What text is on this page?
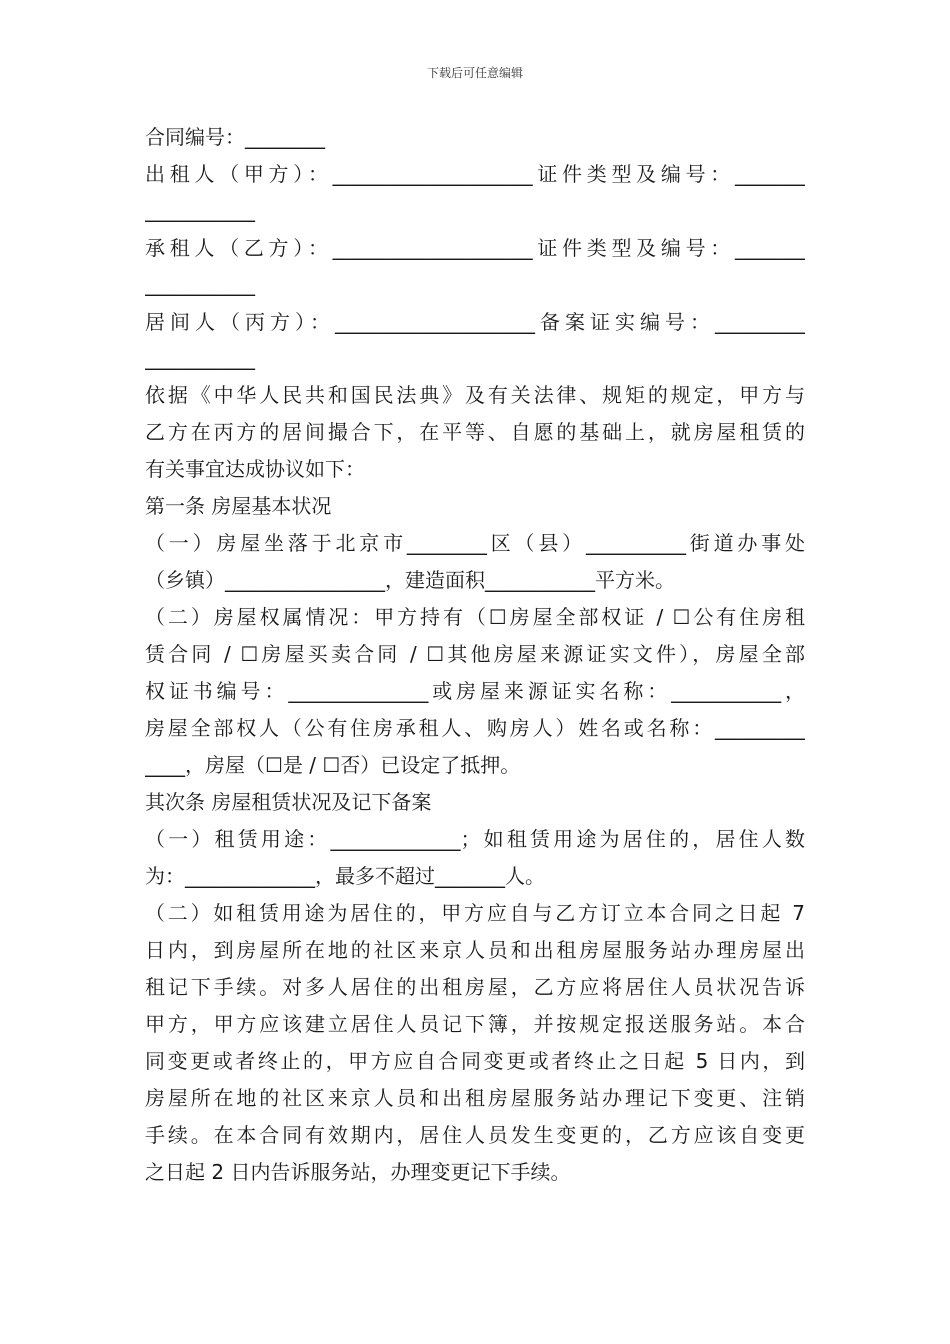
下载后可任意编辑
合同编号：________
出租人（甲方）：____________________证件类型及编号：_______
___________
承租人（乙方）：____________________证件类型及编号：_______
___________
居间人（丙方）：____________________备案证实编号：_________
___________
依据《中华人民共和国民法典》及有关法律、规矩的规定，甲方与
乙方在丙方的居间撮合下，在平等、自愿的基础上，就房屋租赁的
有关事宜达成协议如下：
第一条 房屋基本状况
（一）房屋坐落于北京市________区（县）__________街道办事处
（乡镇）________________，建造面积___________平方米。
（二）房屋权属情况：甲方持有（☐房屋全部权证 / ☐公有住房租
赁合同 / ☐房屋买卖合同 / ☐其他房屋来源证实文件），房屋全部
权证书编号：______________或房屋来源证实名称：___________，
房屋全部权人（公有住房承租人、购房人）姓名或名称：_________
____，房屋（☐是 / ☐否）已设定了抵押。
其次条 房屋租赁状况及记下备案
（一）租赁用途：_____________；如租赁用途为居住的，居住人数
为：_____________，最多不超过_______人。
（二）如租赁用途为居住的，甲方应自与乙方订立本合同之日起 7
日内，到房屋所在地的社区来京人员和出租房屋服务站办理房屋出
租记下手续。对多人居住的出租房屋，乙方应将居住人员状况告诉
甲方，甲方应该建立居住人员记下簿，并按规定报送服务站。本合
同变更或者终止的，甲方应自合同变更或者终止之日起 5 日内，到
房屋所在地的社区来京人员和出租房屋服务站办理记下变更、注销
手续。在本合同有效期内，居住人员发生变更的，乙方应该自变更
之日起 2 日内告诉服务站，办理变更记下手续。
